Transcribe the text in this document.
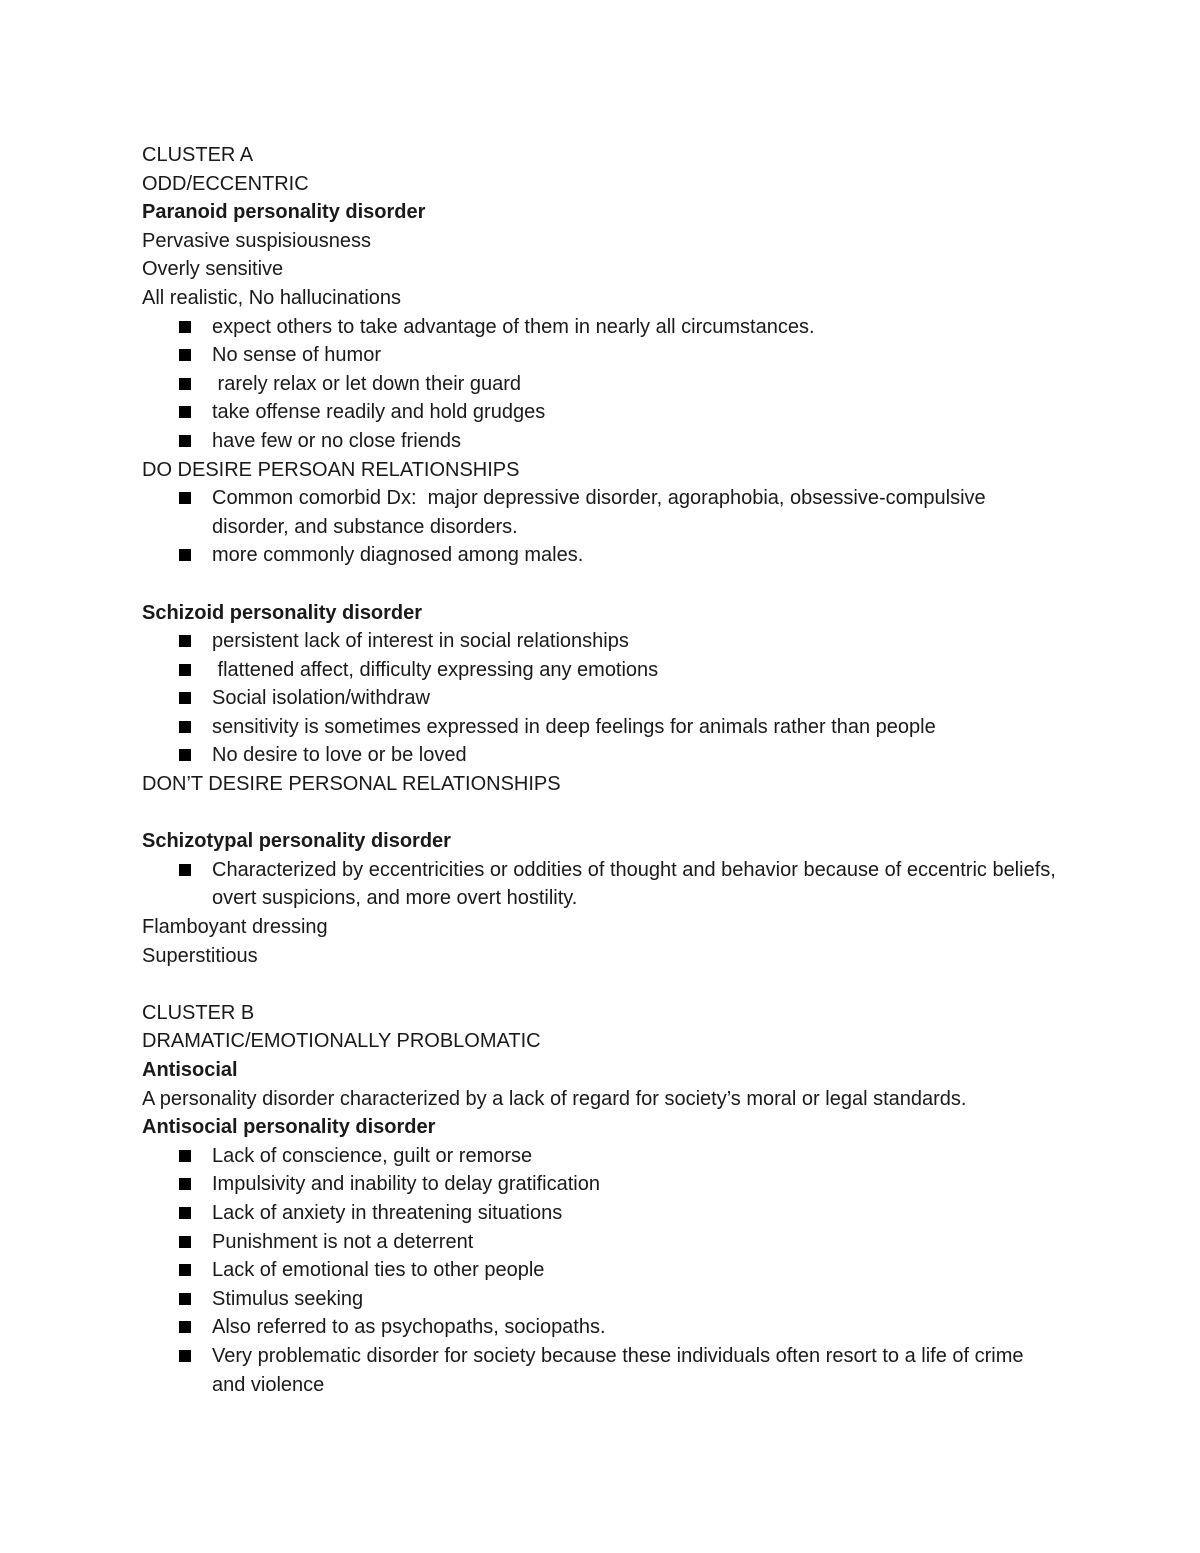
CLUSTER A

ODD/ECCENTRIC

Paranoid personality disorder

Pervasive suspisiousness

Overly sensitive

All realistic, No hallucinations

expect others to take advantage of them in nearly all circumstances.
No sense of humor
rarely relax or let down their guard
take offense readily and hold grudges
have few or no close friends

DO DESIRE PERSOAN RELATIONSHIPS

Common comorbid Dx:  major depressive disorder, agoraphobia, obsessive-compulsive disorder, and substance disorders.
more commonly diagnosed among males.

Schizoid personality disorder

persistent lack of interest in social relationships
flattened affect, difficulty expressing any emotions
Social isolation/withdraw
sensitivity is sometimes expressed in deep feelings for animals rather than people
No desire to love or be loved

DON’T DESIRE PERSONAL RELATIONSHIPS

Schizotypal personality disorder

Characterized by eccentricities or oddities of thought and behavior because of eccentric beliefs, overt suspicions, and more overt hostility.

Flamboyant dressing

Superstitious

CLUSTER B

DRAMATIC/EMOTIONALLY PROBLOMATIC

Antisocial

A personality disorder characterized by a lack of regard for society’s moral or legal standards.

Antisocial personality disorder

Lack of conscience, guilt or remorse
Impulsivity and inability to delay gratification
Lack of anxiety in threatening situations
Punishment is not a deterrent
Lack of emotional ties to other people
Stimulus seeking
Also referred to as psychopaths, sociopaths.
Very problematic disorder for society because these individuals often resort to a life of crime and violence
